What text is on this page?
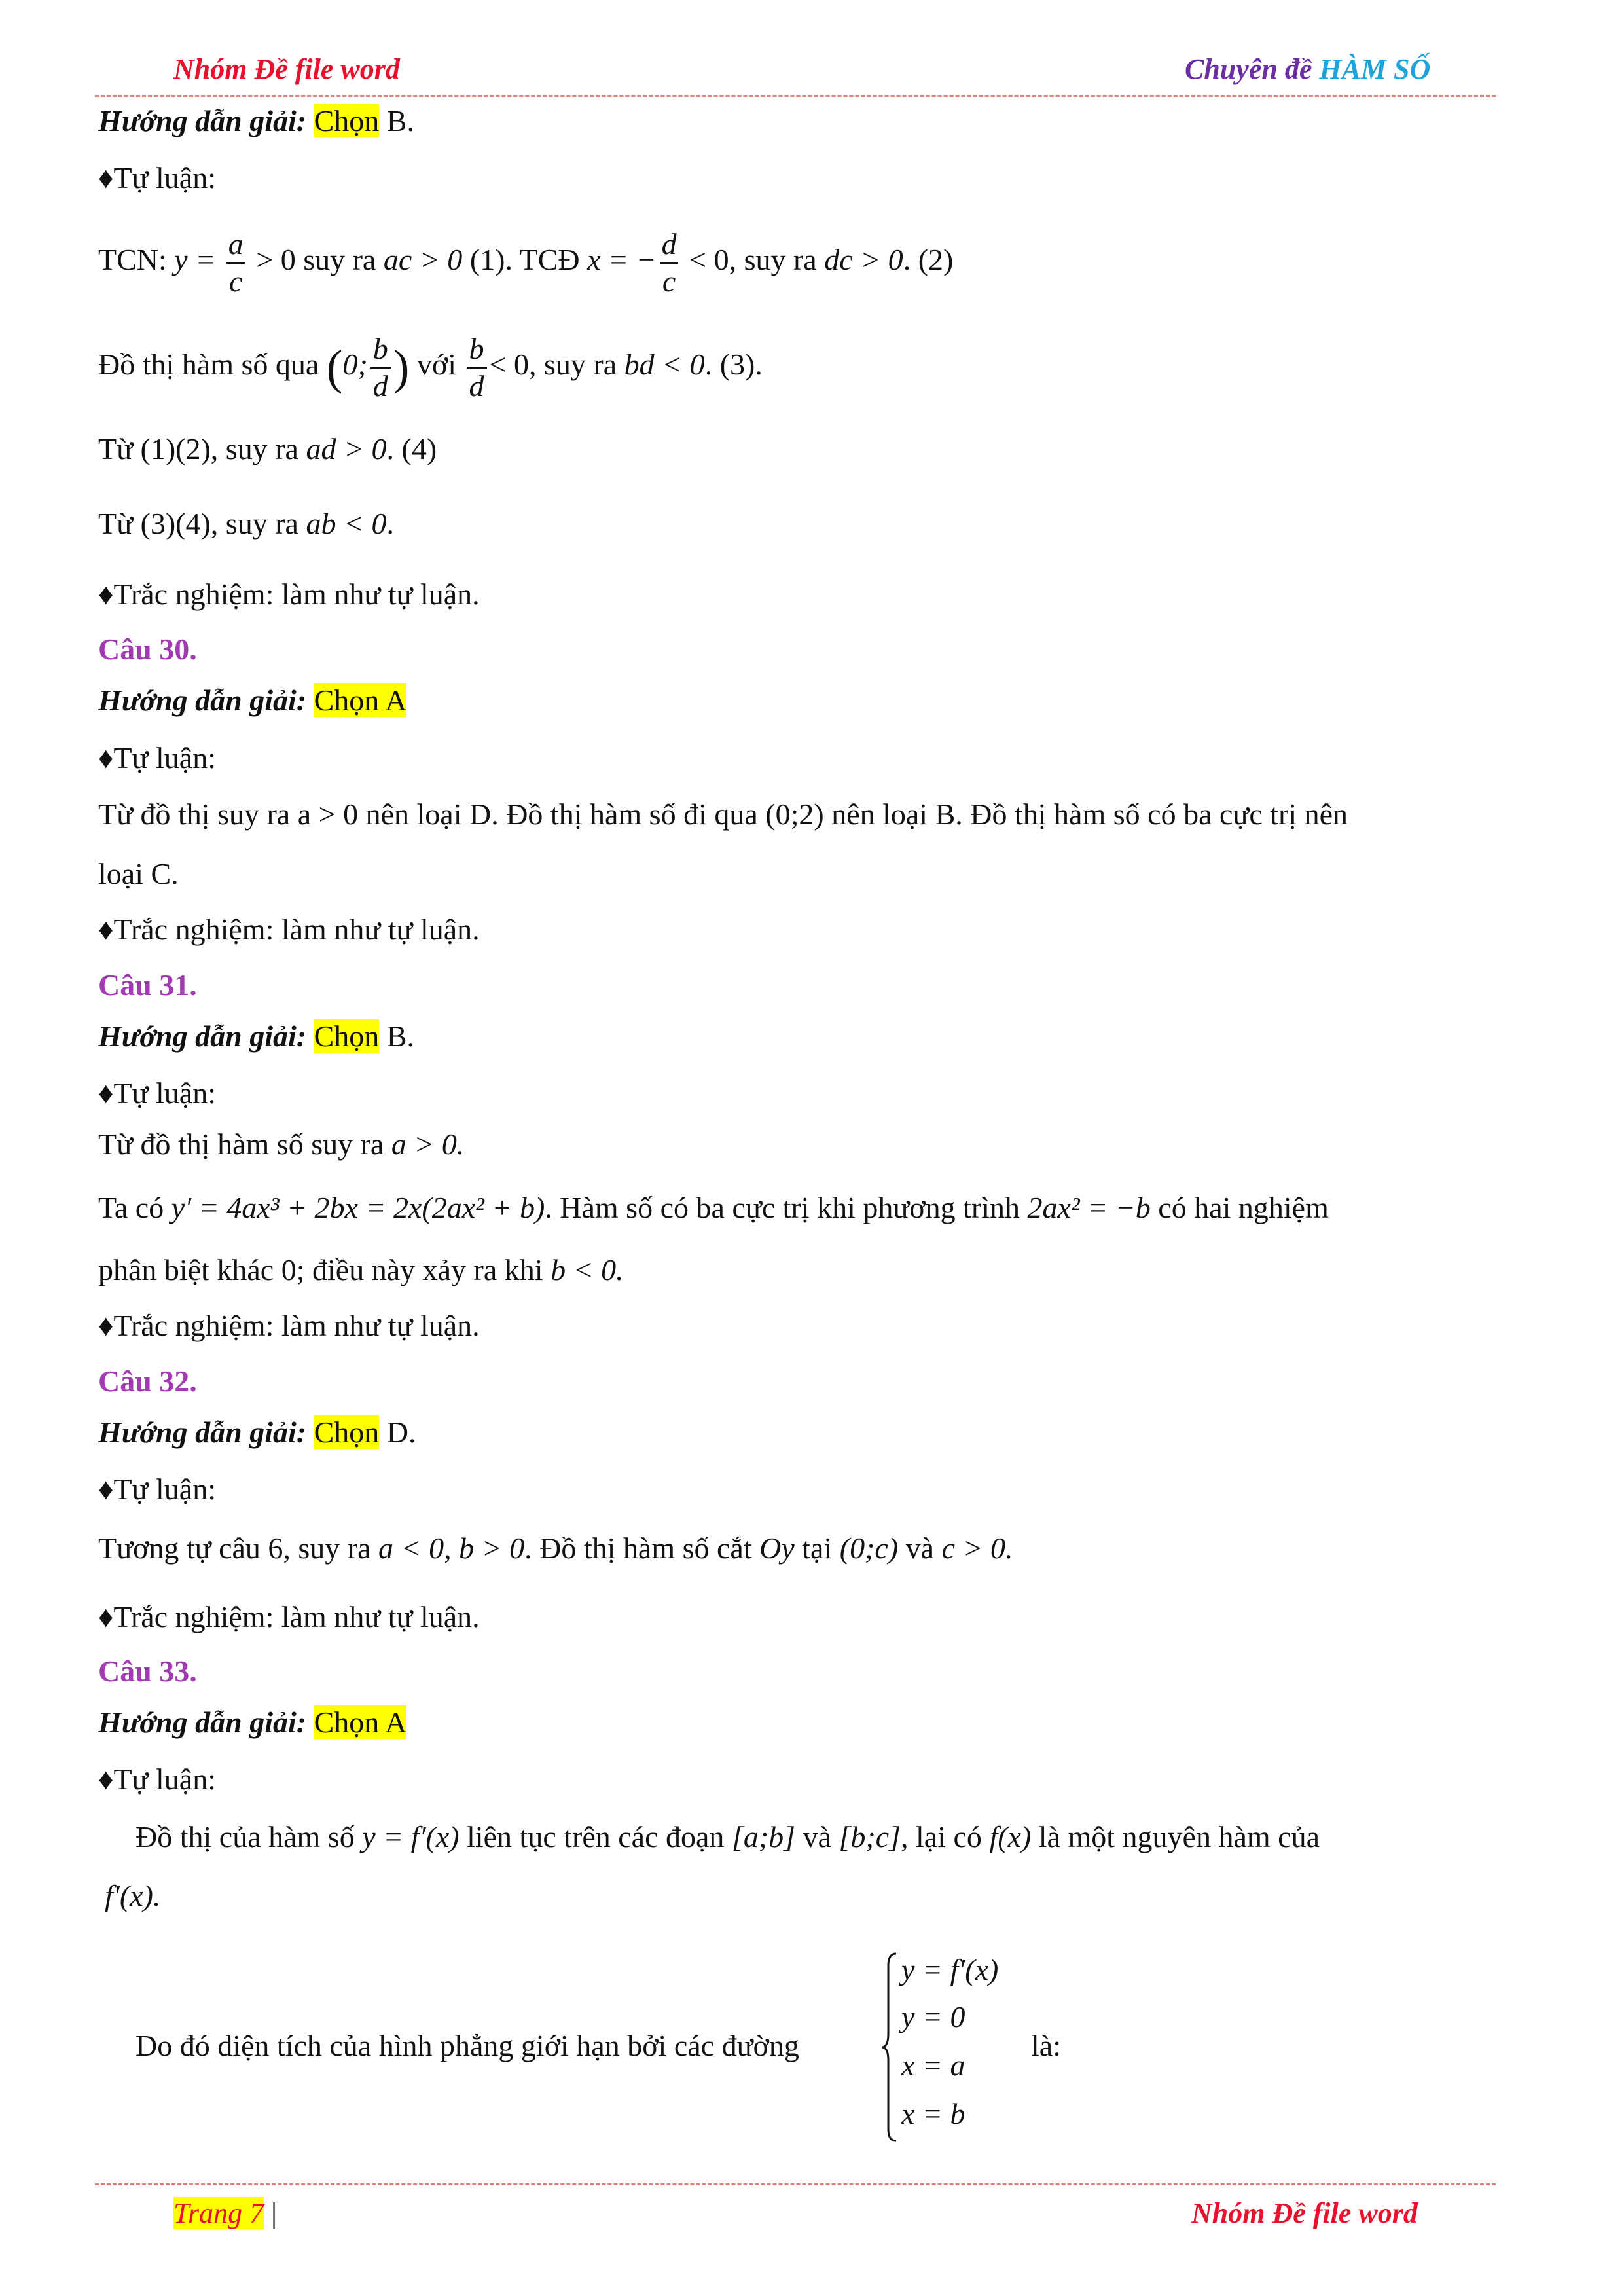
Nhóm Đề file word	Chuyên đề HÀM SỐ
Hướng dẫn giải: Chọn B.
♦Tự luận:
TCN: $y = \frac{a}{c} > 0$ suy ra ac > 0 (1). TCĐ x = − $\frac{d}{c} < 0$, suy ra dc > 0. (2)
Đồ thị hàm số qua (0; $\frac{b}{d}$ ) với $\frac{b}{d} < 0$, suy ra bd < 0. (3).
Từ (1)(2), suy ra ad > 0. (4)
Từ (3)(4), suy ra ab < 0.
♦Trắc nghiệm: làm như tự luận.
Câu 30.
Hướng dẫn giải: Chọn A
♦Tự luận:
Từ đồ thị suy ra a > 0 nên loại D. Đồ thị hàm số đi qua (0;2) nên loại B. Đồ thị hàm số có ba cực trị nên
loại C.
♦Trắc nghiệm: làm như tự luận.
Câu 31.
Hướng dẫn giải: Chọn B.
♦Tự luận:
Từ đồ thị hàm số suy ra a > 0.
Ta có y′ = 4ax³ + 2bx = 2x(2ax² + b). Hàm số có ba cực trị khi phương trình 2ax² = −b có hai nghiệm
phân biệt khác 0; điều này xảy ra khi b < 0.
♦Trắc nghiệm: làm như tự luận.
Câu 32.
Hướng dẫn giải: Chọn D.
♦Tự luận:
Tương tự câu 6, suy ra a < 0, b > 0. Đồ thị hàm số cắt Oy tại (0;c) và c > 0.
♦Trắc nghiệm: làm như tự luận.
Câu 33.
Hướng dẫn giải: Chọn A
♦Tự luận:
Đồ thị của hàm số y = f′(x) liên tục trên các đoạn [a;b] và [b;c], lại có f(x) là một nguyên hàm của
f′(x).
Do đó diện tích của hình phẳng giới hạn bởi các đường
y = f′(x)
y = 0
x = a
x = b
là:
Trang 7 |	Nhóm Đề file word
